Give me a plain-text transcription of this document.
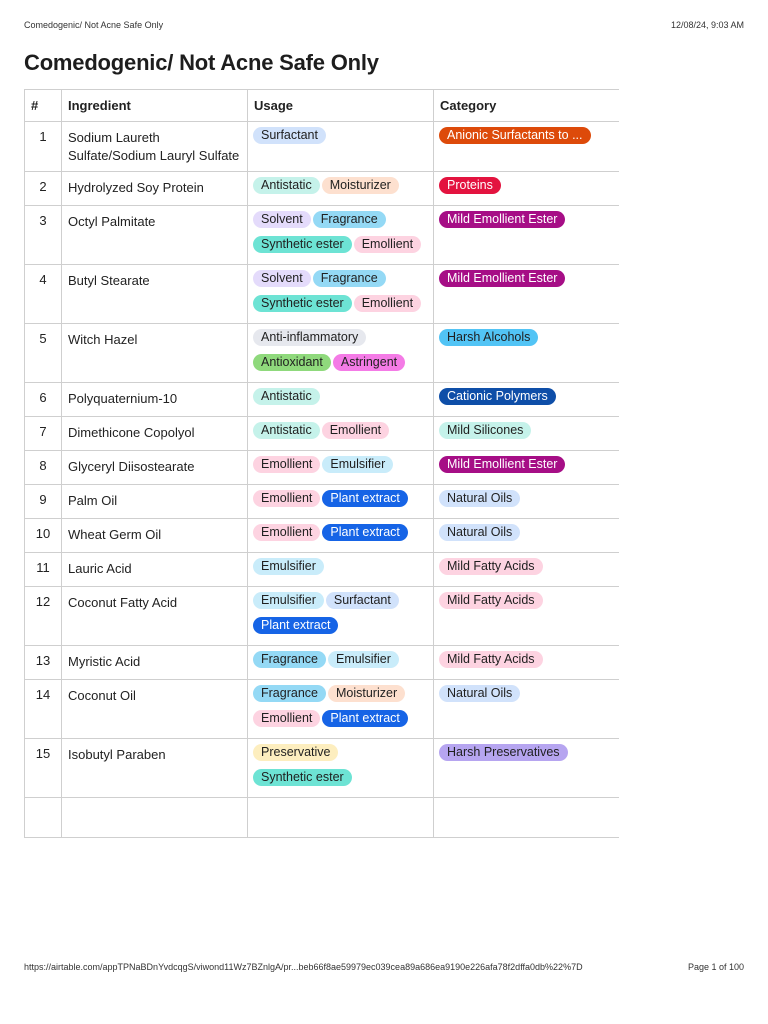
Comedogenic/ Not Acne Safe Only	12/08/24, 9:03 AM
Comedogenic/ Not Acne Safe Only
#	Ingredient	Usage	Category
1	Sodium Laureth Sulfate/Sodium Lauryl Sulfate	Surfactant	Anionic Surfactants to ...
2	Hydrolyzed Soy Protein	Antistatic Moisturizer	Proteins
3	Octyl Palmitate	Solvent FragranceSynthetic ester Emollient	Mild Emollient Ester
4	Butyl Stearate	Solvent FragranceSynthetic ester Emollient	Mild Emollient Ester
5	Witch Hazel	Anti-inflammatoryAntioxidant Astringent	Harsh Alcohols
6	Polyquaternium-10	Antistatic	Cationic Polymers
7	Dimethicone Copolyol	Antistatic Emollient	Mild Silicones
8	Glyceryl Diisostearate	Emollient Emulsifier	Mild Emollient Ester
9	Palm Oil	Emollient Plant extract	Natural Oils
10	Wheat Germ Oil	Emollient Plant extract	Natural Oils
11	Lauric Acid	Emulsifier	Mild Fatty Acids
12	Coconut Fatty Acid	Emulsifier SurfactantPlant extract	Mild Fatty Acids
13	Myristic Acid	Fragrance Emulsifier	Mild Fatty Acids
14	Coconut Oil	Fragrance MoisturizerEmollient Plant extract	Natural Oils
15	Isobutyl Paraben	PreservativeSynthetic ester	Harsh Preservatives

https://airtable.com/appTPNaBDnYvdcqgS/viwond11Wz7BZnlgA/pr...beb66f8ae59979ec039cea89a686ea9190e226afa78f2dffa0db%22%7D	Page 1 of 100
